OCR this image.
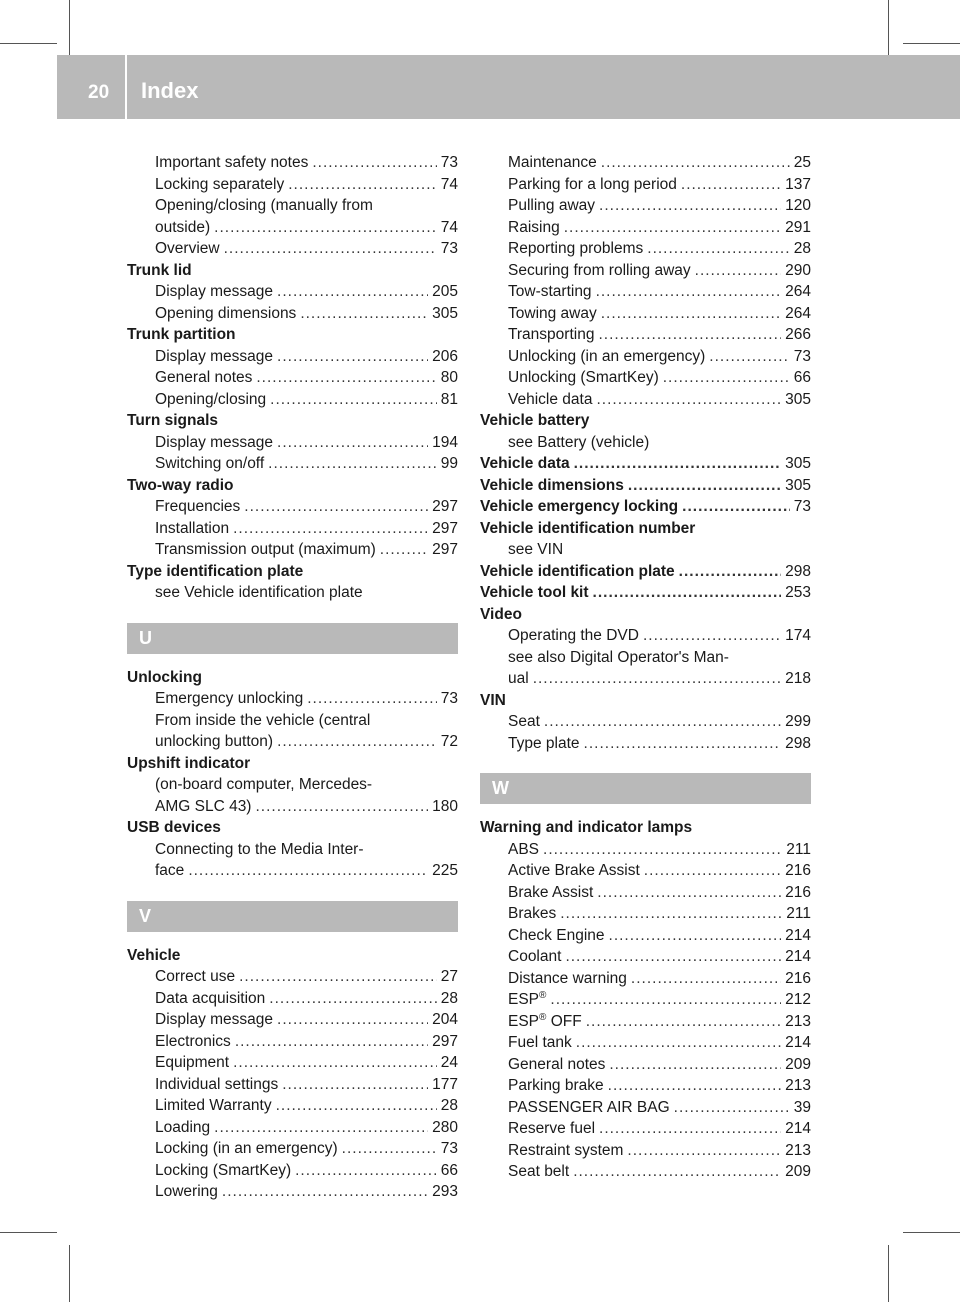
20	Index
Important safety notes .....	73
Locking separately .....	74
Opening/closing (manually from
outside) .....	74
Overview .....	73
Trunk lid
Display message .....	205
Opening dimensions .....	305
Trunk partition
Display message .....	206
General notes .....	80
Opening/closing .....	81
Turn signals
Display message .....	194
Switching on/off .....	99
Two-way radio
Frequencies .....	297
Installation .....	297
Transmission output (maximum) .....	297
Type identification plate
see Vehicle identification plate
U
Unlocking
Emergency unlocking .....	73
From inside the vehicle (central
unlocking button) .....	72
Upshift indicator
(on-board computer, Mercedes-
AMG SLC 43) .....	180
USB devices
Connecting to the Media Inter-
face .....	225
V
Vehicle
Correct use .....	27
Data acquisition .....	28
Display message .....	204
Electronics .....	297
Equipment .....	24
Individual settings .....	177
Limited Warranty .....	28
Loading .....	280
Locking (in an emergency) .....	73
Locking (SmartKey) .....	66
Lowering .....	293
Maintenance .....	25
Parking for a long period .....	137
Pulling away .....	120
Raising .....	291
Reporting problems .....	28
Securing from rolling away .....	290
Tow-starting .....	264
Towing away .....	264
Transporting .....	266
Unlocking (in an emergency) .....	73
Unlocking (SmartKey) .....	66
Vehicle data .....	305
Vehicle battery
see Battery (vehicle)
Vehicle data .....	305
Vehicle dimensions .....	305
Vehicle emergency locking .....	73
Vehicle identification number
see VIN
Vehicle identification plate .....	298
Vehicle tool kit .....	253
Video
Operating the DVD .....	174
see also Digital Operator's Man-
ual .....	218
VIN
Seat .....	299
Type plate .....	298
W
Warning and indicator lamps
ABS .....	211
Active Brake Assist .....	216
Brake Assist .....	216
Brakes .....	211
Check Engine .....	214
Coolant .....	214
Distance warning .....	216
ESP® .....	212
ESP® OFF .....	213
Fuel tank .....	214
General notes .....	209
Parking brake .....	213
PASSENGER AIR BAG .....	39
Reserve fuel .....	214
Restraint system .....	213
Seat belt .....	209
